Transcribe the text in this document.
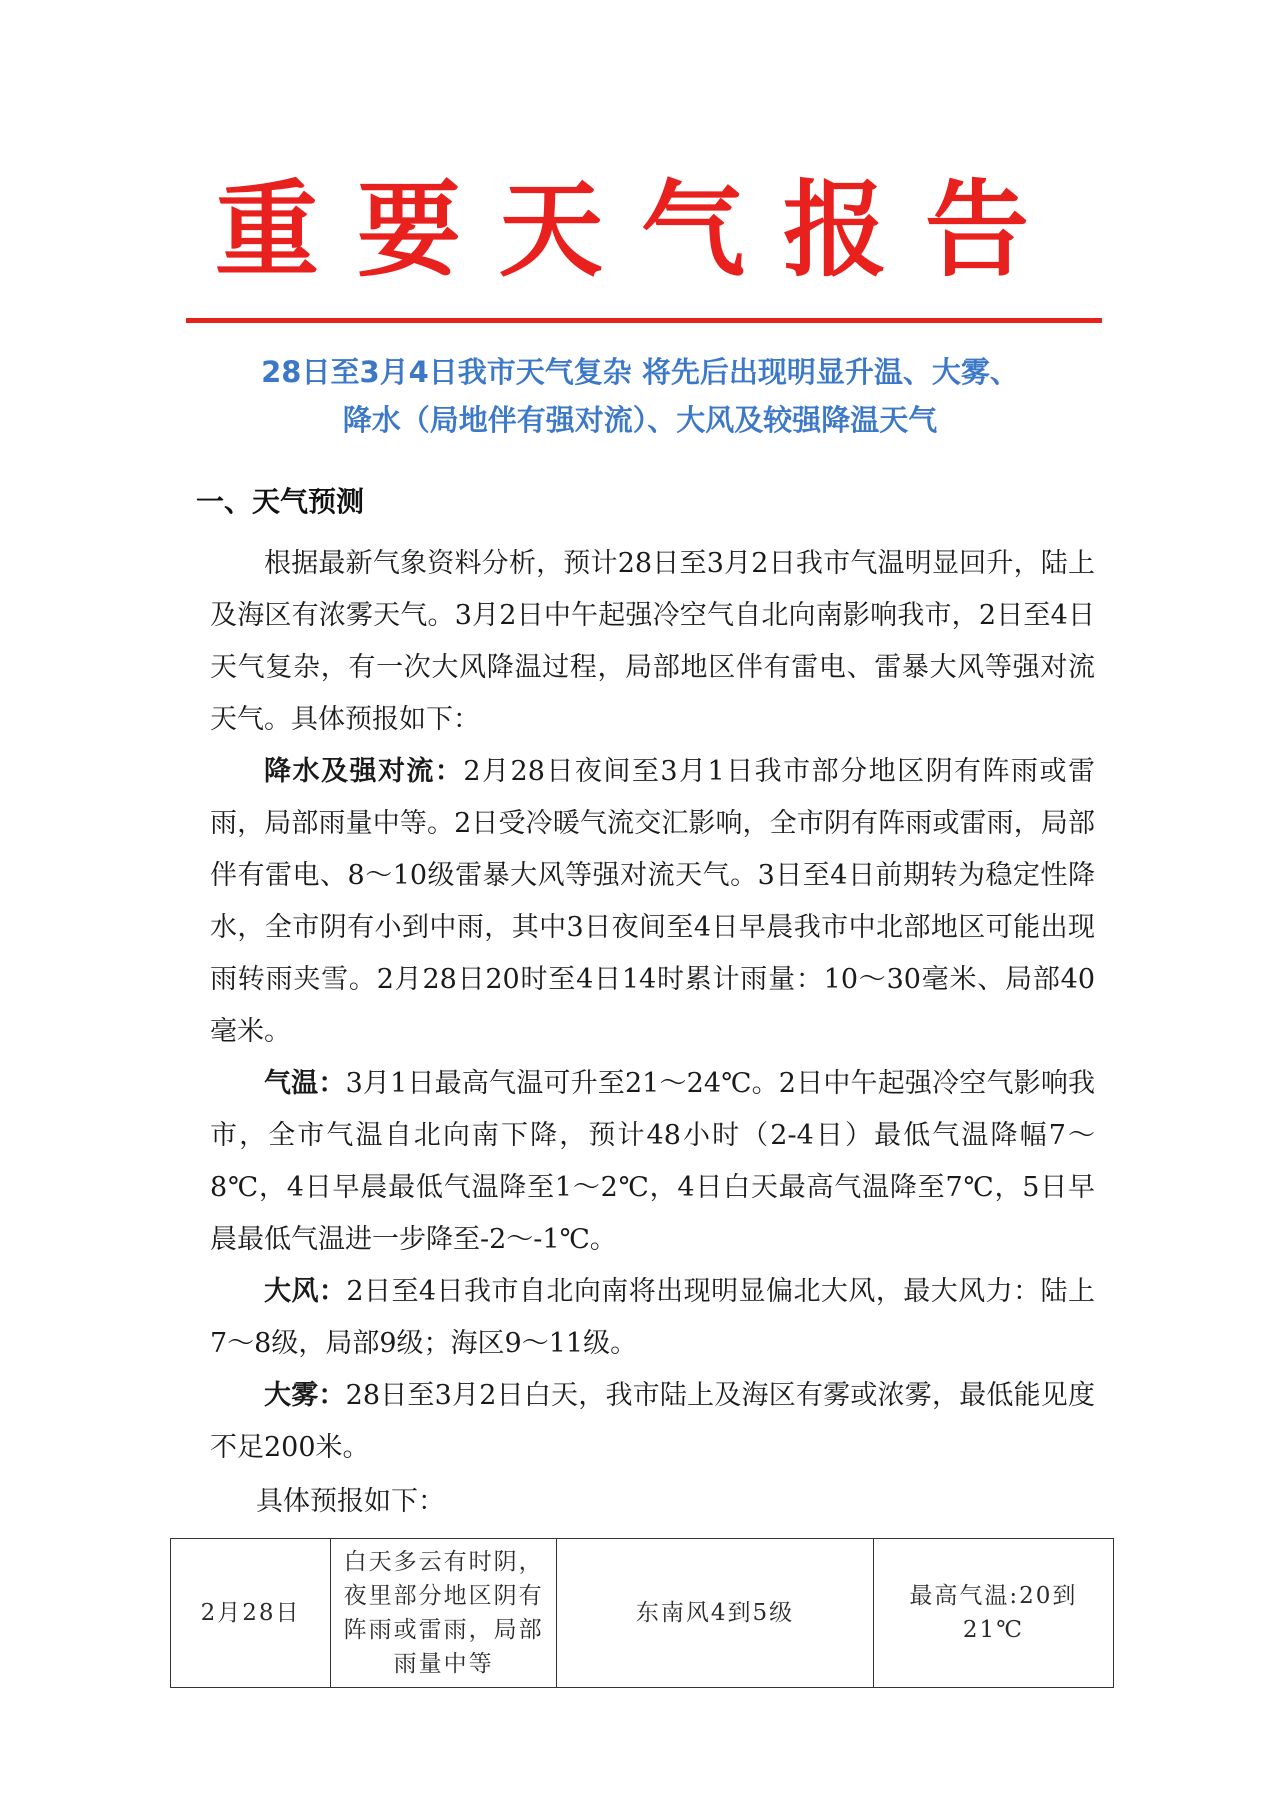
重要天气报告
28日至3月4日我市天气复杂 将先后出现明显升温、大雾、
降水（局地伴有强对流）、大风及较强降温天气
一、天气预测

根据最新气象资料分析，预计28日至3月2日我市气温明显回升，陆上及海区有浓雾天气。3月2日中午起强冷空气自北向南影响我市，2日至4日天气复杂，有一次大风降温过程，局部地区伴有雷电、雷暴大风等强对流天气。具体预报如下：

降水及强对流：2月28日夜间至3月1日我市部分地区阴有阵雨或雷雨，局部雨量中等。2日受冷暖气流交汇影响，全市阴有阵雨或雷雨，局部伴有雷电、8～10级雷暴大风等强对流天气。3日至4日前期转为稳定性降水，全市阴有小到中雨，其中3日夜间至4日早晨我市中北部地区可能出现雨转雨夹雪。2月28日20时至4日14时累计雨量：10～30毫米、局部40毫米。

气温：3月1日最高气温可升至21～24℃。2日中午起强冷空气影响我市，全市气温自北向南下降，预计48小时（2-4日）最低气温降幅7～8℃，4日早晨最低气温降至1～2℃，4日白天最高气温降至7℃，5日早晨最低气温进一步降至-2～-1℃。

大风：2日至4日我市自北向南将出现明显偏北大风，最大风力：陆上7～8级，局部9级；海区9～11级。

大雾：28日至3月2日白天，我市陆上及海区有雾或浓雾，最低能见度不足200米。

具体预报如下：
2月28日	白天多云有时阴，夜里部分地区阴有阵雨或雷雨，局部雨量中等	东南风4到5级	最高气温:20到21℃
